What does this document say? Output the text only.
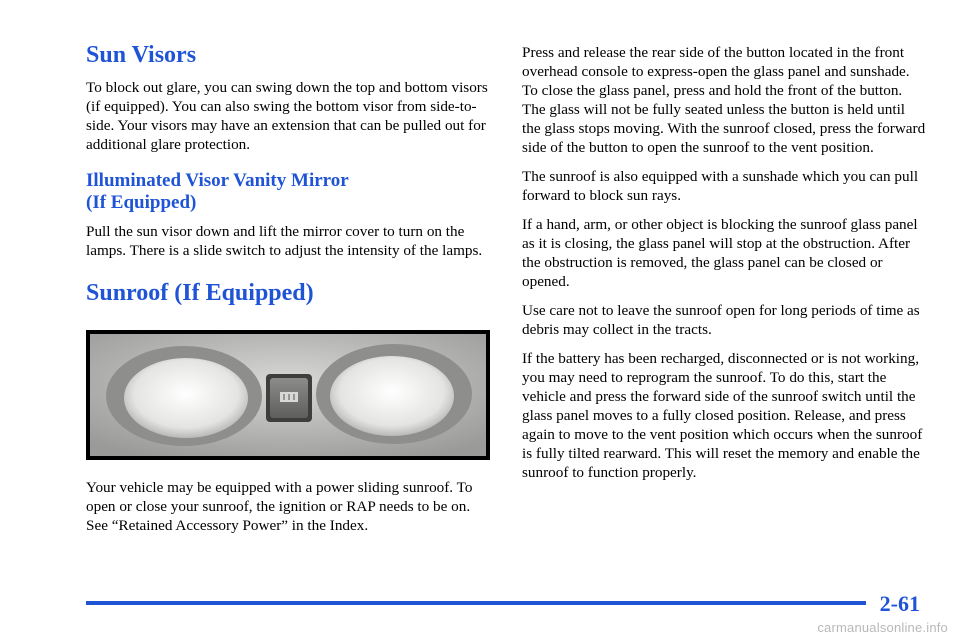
Sun Visors

To block out glare, you can swing down the top and bottom visors (if equipped). You can also swing the bottom visor from side-to-side. Your visors may have an extension that can be pulled out for additional glare protection.

Illuminated Visor Vanity Mirror
(If Equipped)

Pull the sun visor down and lift the mirror cover to turn on the lamps. There is a slide switch to adjust the intensity of the lamps.

Sunroof (If Equipped)

Your vehicle may be equipped with a power sliding sunroof. To open or close your sunroof, the ignition or RAP needs to be on. See “Retained Accessory Power” in the Index.

Press and release the rear side of the button located in the front overhead console to express-open the glass panel and sunshade. To close the glass panel, press and hold the front of the button. The glass will not be fully seated unless the button is held until the glass stops moving. With the sunroof closed, press the forward side of the button to open the sunroof to the vent position.

The sunroof is also equipped with a sunshade which you can pull forward to block sun rays.

If a hand, arm, or other object is blocking the sunroof glass panel as it is closing, the glass panel will stop at the obstruction. After the obstruction is removed, the glass panel can be closed or opened.

Use care not to leave the sunroof open for long periods of time as debris may collect in the tracts.

If the battery has been recharged, disconnected or is not working, you may need to reprogram the sunroof. To do this, start the vehicle and press the forward side of the sunroof switch until the glass panel moves to a fully closed position. Release, and press again to move to the vent position which occurs when the sunroof is fully tilted rearward. This will reset the memory and enable the sunroof to function properly.

2-61
carmanualsonline.info
